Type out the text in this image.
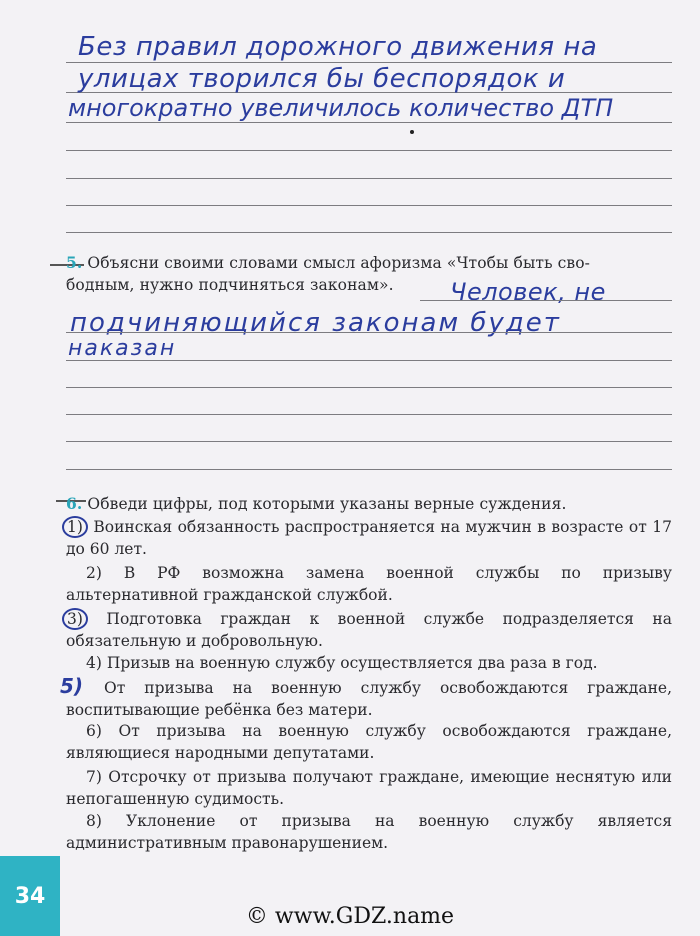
Без правил дорожного движения на
улицах творился бы беспорядок и
многократно увеличилось количество ДТП
5. Объясни своими словами смысл афоризма «Чтобы быть сво-
бодным, нужно подчиняться законам».	Человек, не
подчиняющийся законам будет
наказан
6. Обведи цифры, под которыми указаны верные суждения.
1) Воинская обязанность распространяется на мужчин в возрасте от 17 до 60 лет.
2) В РФ возможна замена военной службы по призыву альтернативной гражданской службой.
3) Подготовка граждан к военной службе подразделяется на обязательную и добровольную.
4) Призыв на военную службу осуществляется два раза в год.
5) От призыва на военную службу освобождаются граждане, воспитывающие ребёнка без матери.
6) От призыва на военную службу освобождаются граждане, являющиеся народными депутатами.
7) Отсрочку от призыва получают граждане, имеющие неснятую или непогашенную судимость.
8) Уклонение от призыва на военную службу является административным правонарушением.
34
© www.GDZ.name
